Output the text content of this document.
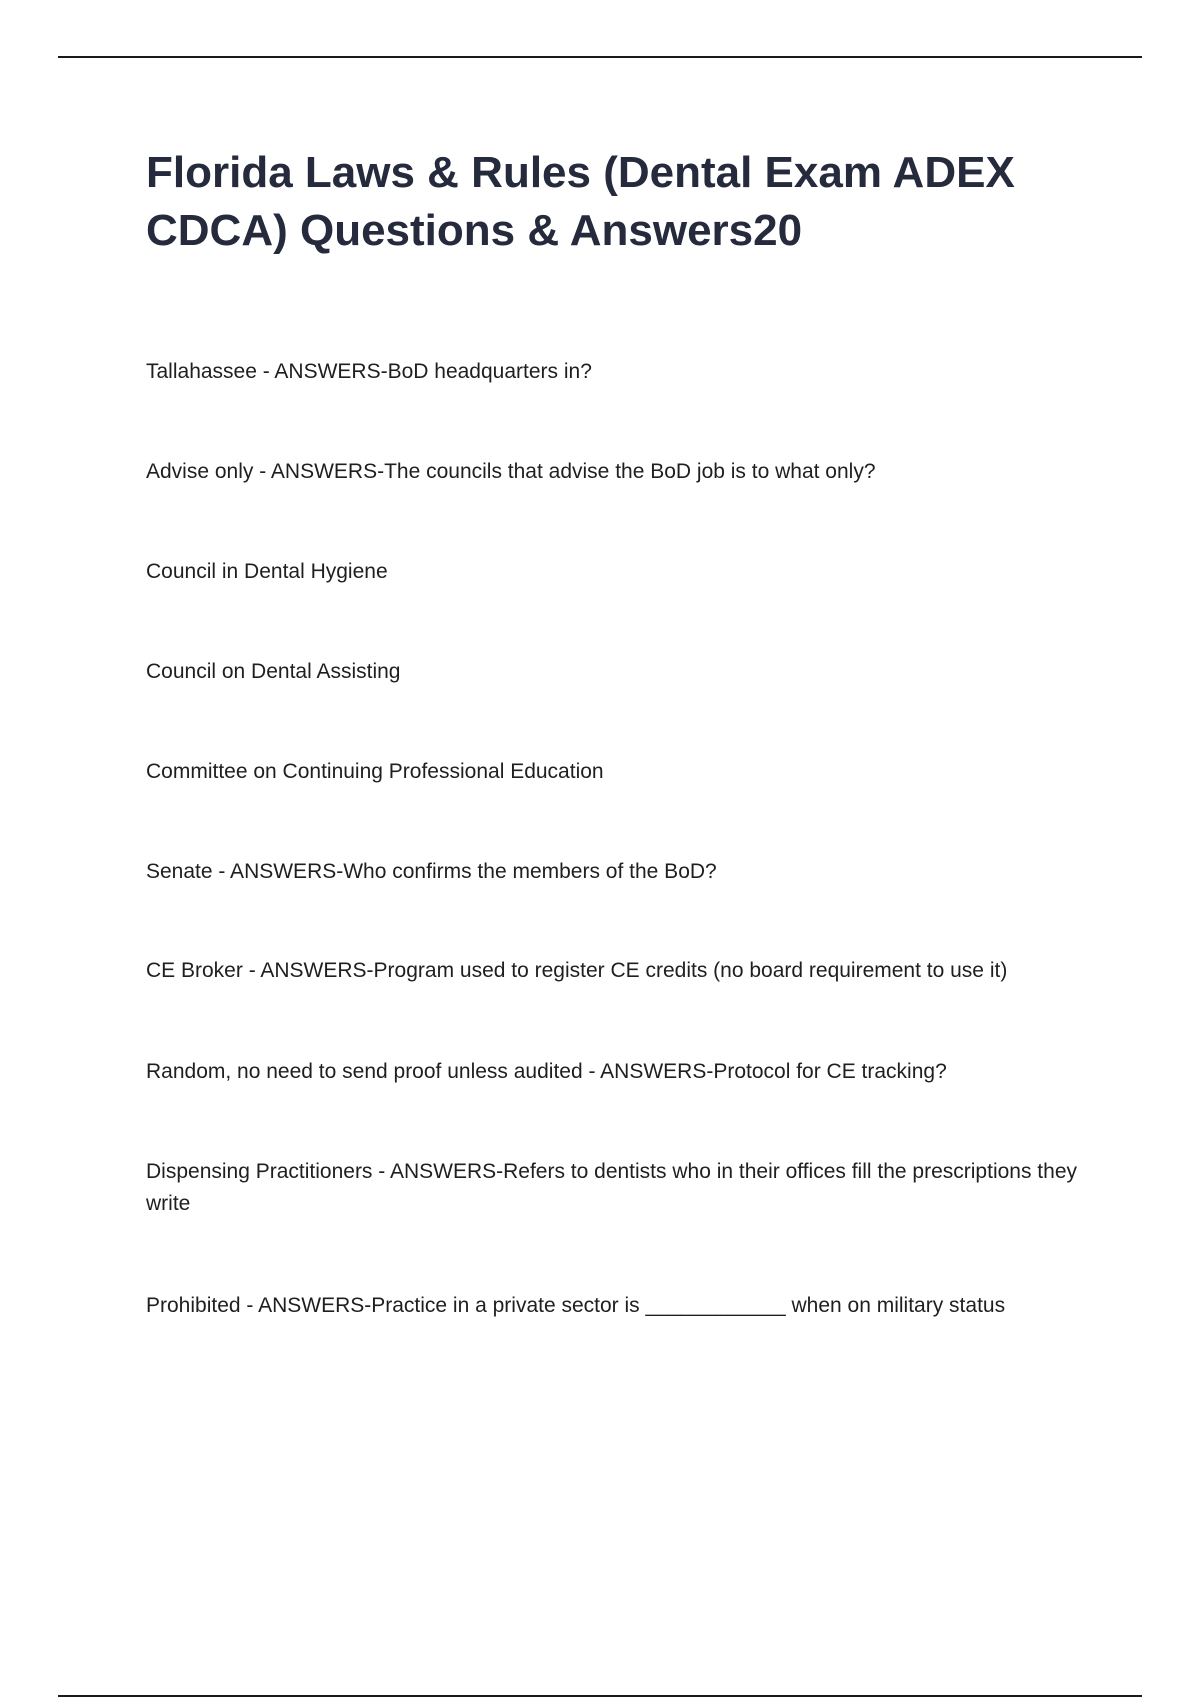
Florida Laws & Rules (Dental Exam ADEX CDCA) Questions & Answers20

Tallahassee - ANSWERS-BoD headquarters in?

Advise only - ANSWERS-The councils that advise the BoD job is to what only?

Council in Dental Hygiene

Council on Dental Assisting

Committee on Continuing Professional Education

Senate - ANSWERS-Who confirms the members of the BoD?

CE Broker - ANSWERS-Program used to register CE credits (no board requirement to use it)

Random, no need to send proof unless audited - ANSWERS-Protocol for CE tracking?

Dispensing Practitioners - ANSWERS-Refers to dentists who in their offices fill the prescriptions they write

Prohibited - ANSWERS-Practice in a private sector is ____________ when on military status
